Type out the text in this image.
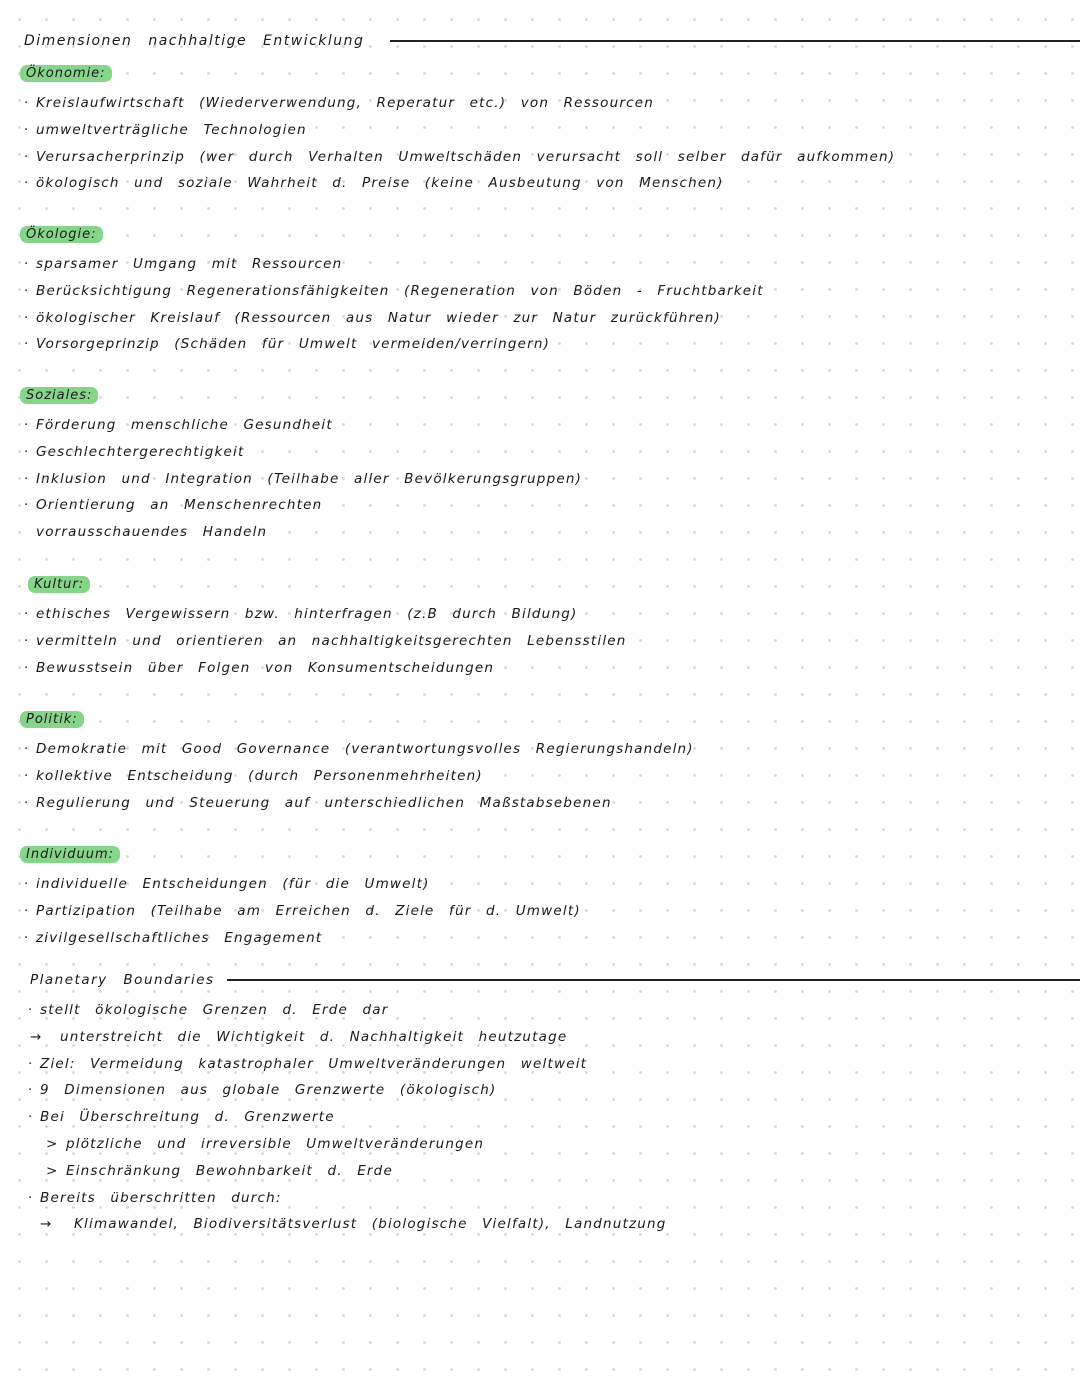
Dimensionen nachhaltige Entwicklung
Ökonomie:
· Kreislaufwirtschaft (Wiederverwendung, Reperatur etc.) von Ressourcen
· umweltverträgliche Technologien
· Verursacherprinzip (wer durch Verhalten Umweltschäden verursacht soll selber dafür aufkommen)
· ökologisch und soziale Wahrheit d. Preise (keine Ausbeutung von Menschen)
Ökologie:
· sparsamer Umgang mit Ressourcen
· Berücksichtigung Regenerationsfähigkeiten (Regeneration von Böden - Fruchtbarkeit
· ökologischer Kreislauf (Ressourcen aus Natur wieder zur Natur zurückführen)
· Vorsorgeprinzip (Schäden für Umwelt vermeiden/verringern)
Soziales:
· Förderung menschliche Gesundheit
· Geschlechtergerechtigkeit
· Inklusion und Integration (Teilhabe aller Bevölkerungsgruppen)
· Orientierung an Menschenrechten
vorrausschauendes Handeln
Kultur:
· ethisches Vergewissern bzw. hinterfragen (z.B durch Bildung)
· vermitteln und orientieren an nachhaltigkeitsgerechten Lebensstilen
· Bewusstsein über Folgen von Konsumentscheidungen
Politik:
· Demokratie mit Good Governance (verantwortungsvolles Regierungshandeln)
· kollektive Entscheidung (durch Personenmehrheiten)
· Regulierung und Steuerung auf unterschiedlichen Maßstabsebenen
Individuum:
· individuelle Entscheidungen (für die Umwelt)
· Partizipation (Teilhabe am Erreichen d. Ziele für d. Umwelt)
· zivilgesellschaftliches Engagement
Planetary Boundaries
· stellt ökologische Grenzen d. Erde dar
→ unterstreicht die Wichtigkeit d. Nachhaltigkeit heutzutage
· Ziel: Vermeidung katastrophaler Umweltveränderungen weltweit
· 9 Dimensionen aus globale Grenzwerte (ökologisch)
· Bei Überschreitung d. Grenzwerte
> plötzliche und irreversible Umweltveränderungen
> Einschränkung Bewohnbarkeit d. Erde
· Bereits überschritten durch:
→ Klimawandel, Biodiversitätsverlust (biologische Vielfalt), Landnutzung
